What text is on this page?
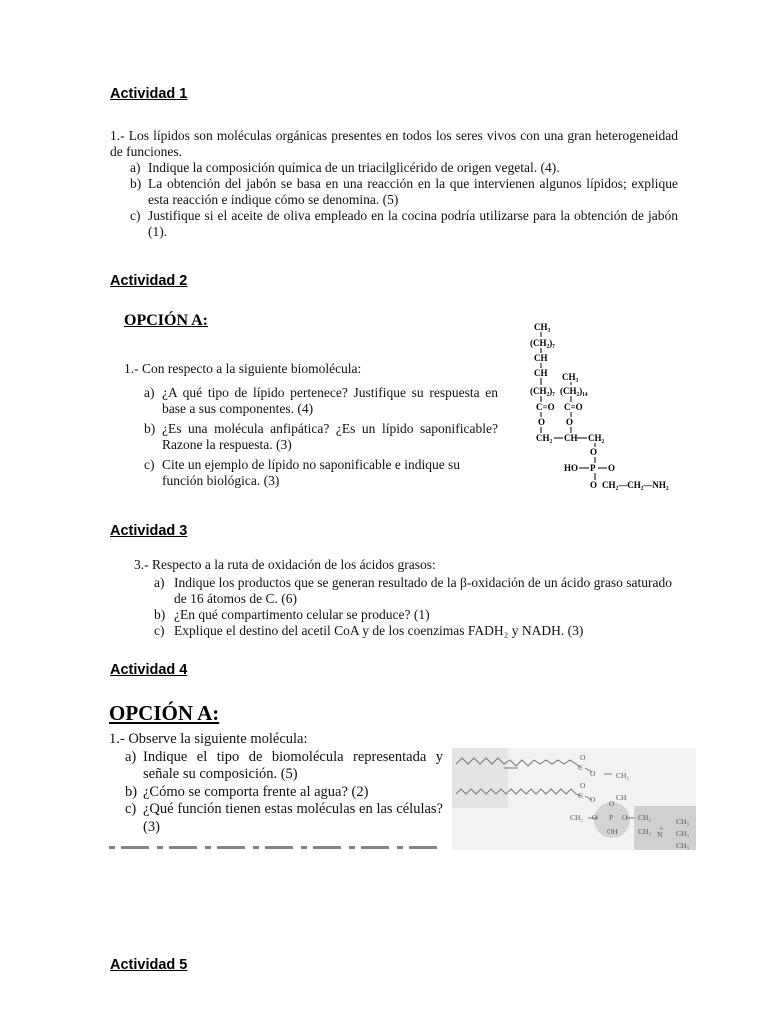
Actividad 1

1.- Los lípidos son moléculas orgánicas presentes en todos los seres vivos con una gran heterogeneidad de funciones.

a) Indique la composición química de un triacilglicérido de origen vegetal. (4).

b) La obtención del jabón se basa en una reacción en la que intervienen algunos lípidos; explique esta reacción e indique cómo se denomina. (5)

c) Justifique si el aceite de oliva empleado en la cocina podría utilizarse para la obtención de jabón (1).

Actividad 2

OPCIÓN A:

1.- Con respecto a la siguiente biomolécula:

a) ¿A qué tipo de lípido pertenece? Justifique su respuesta en base a sus componentes. (4)

b) ¿Es una molécula anfipática? ¿Es un lípido saponificable? Razone la respuesta. (3)

c) Cite un ejemplo de lípido no saponificable e indique su función biológica. (3)

CH₃
(CH₂)₇
CH
CH
(CH₂)₇
CH₃
(CH₂)₁₄
C=O C=O
O O
CH₂ CH CH₂
O
HO P O
O CH₂—CH₂—NH₂
Actividad 3

3.- Respecto a la ruta de oxidación de los ácidos grasos:

a) Indique los productos que se generan resultado de la β-oxidación de un ácido graso saturado de 16 átomos de C. (6)

b) ¿En qué compartimento celular se produce? (1)

c) Explique el destino del acetil CoA y de los coenzimas FADH₂ y NADH. (3)

Actividad 4

OPCIÓN A:

1.- Observe la siguiente molécula:

a) Indique el tipo de biomolécula representada y señale su composición. (5)

b) ¿Cómo se comporta frente al agua? (2)

c) ¿Qué función tienen estas moléculas en las células? (3)

O
C
O	CH₂
O
C O	CH
CH₂ O
O
P O
OH
CH₂
CH₂ +
N
CH₃
CH₃
CH₃
Actividad 5
